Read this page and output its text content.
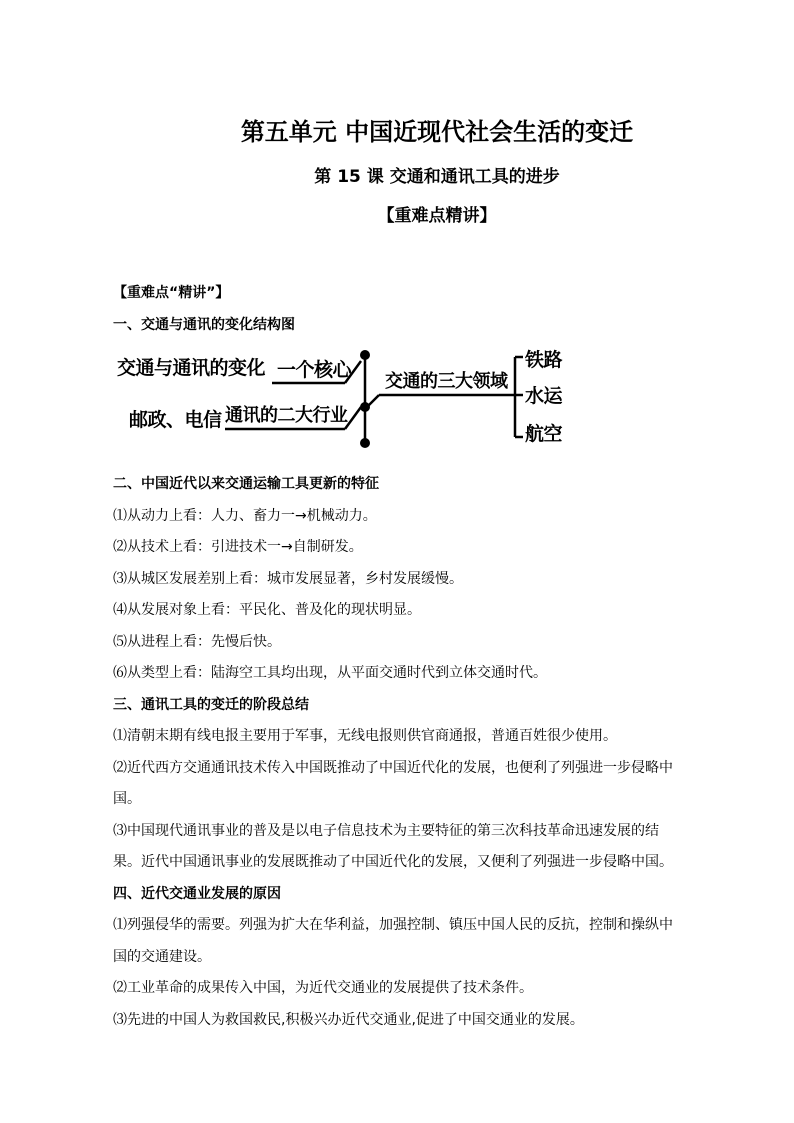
第五单元 中国近现代社会生活的变迁
第 15 课 交通和通讯工具的进步
【重难点精讲】
【重难点“精讲”】
一、交通与通讯的变化结构图
交通与通讯的变化
邮政、电信
一个核心
通讯的二大行业
交通的三大领域
铁路
水运
航空
二、中国近代以来交通运输工具更新的特征
⑴从动力上看：人力、畜力一→机械动力。
⑵从技术上看：引进技术一→自制研发。
⑶从城区发展差别上看：城市发展显著，乡村发展缓慢。
⑷从发展对象上看：平民化、普及化的现状明显。
⑸从进程上看：先慢后快。
⑹从类型上看：陆海空工具均出现，从平面交通时代到立体交通时代。
三、通讯工具的变迁的阶段总结
⑴清朝末期有线电报主要用于军事，无线电报则供官商通报，普通百姓很少使用。
⑵近代西方交通通讯技术传入中国既推动了中国近代化的发展，也便利了列强进一步侵略中国。
⑶中国现代通讯事业的普及是以电子信息技术为主要特征的第三次科技革命迅速发展的结果。近代中国通讯事业的发展既推动了中国近代化的发展，又便利了列强进一步侵略中国。
四、近代交通业发展的原因
⑴列强侵华的需要。列强为扩大在华利益，加强控制、镇压中国人民的反抗，控制和操纵中国的交通建设。
⑵工业革命的成果传入中国，为近代交通业的发展提供了技术条件。
⑶先进的中国人为救国救民,积极兴办近代交通业,促进了中国交通业的发展。
